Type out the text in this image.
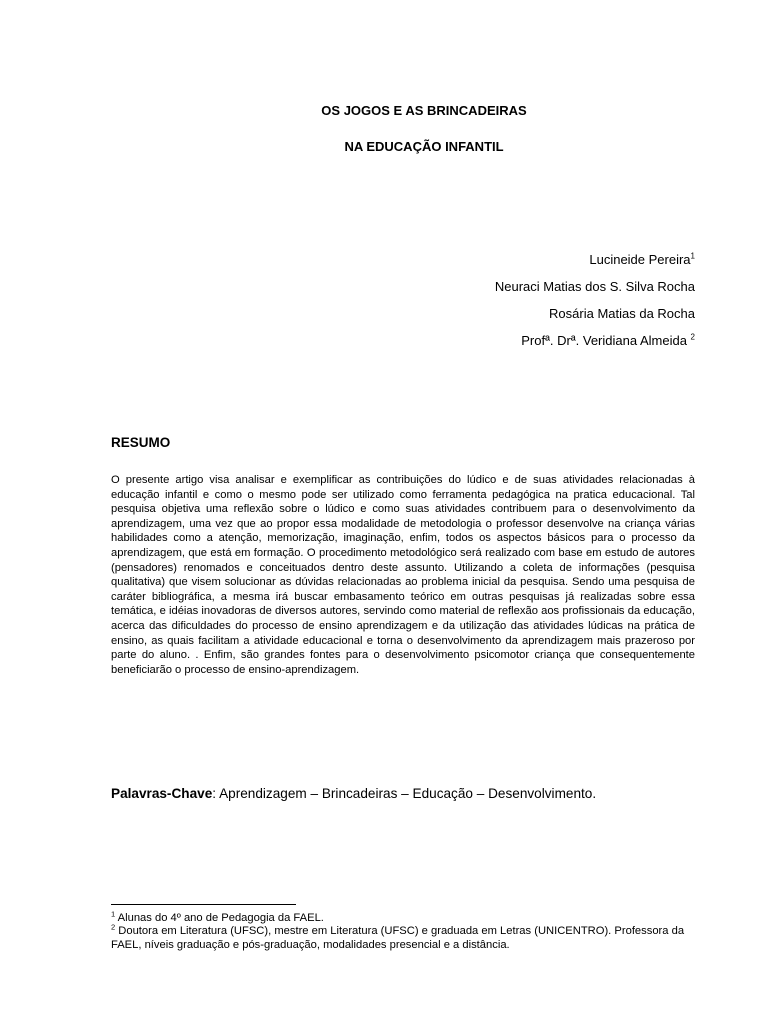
OS JOGOS E AS BRINCADEIRAS
NA EDUCAÇÃO INFANTIL
Lucineide Pereira$^1$
Neuraci Matias dos S. Silva Rocha
Rosária Matias da Rocha
Profª. Drª. Veridiana Almeida $^2$
RESUMO

O presente artigo visa analisar e exemplificar as contribuições do lúdico e de suas atividades relacionadas à educação infantil e como o mesmo pode ser utilizado como ferramenta pedagógica na pratica educacional. Tal pesquisa objetiva uma reflexão sobre o lúdico e como suas atividades contribuem para o desenvolvimento da aprendizagem, uma vez que ao propor essa modalidade de metodologia o professor desenvolve na criança várias habilidades como a atenção, memorização, imaginação, enfim, todos os aspectos básicos para o processo da aprendizagem, que está em formação. O procedimento metodológico será realizado com base em estudo de autores (pensadores) renomados e conceituados dentro deste assunto. Utilizando a coleta de informações (pesquisa qualitativa) que visem solucionar as dúvidas relacionadas ao problema inicial da pesquisa. Sendo uma pesquisa de caráter bibliográfica, a mesma irá buscar embasamento teórico em outras pesquisas já realizadas sobre essa temática, e idéias inovadoras de diversos autores, servindo como material de reflexão aos profissionais da educação, acerca das dificuldades do processo de ensino aprendizagem e da utilização das atividades lúdicas na prática de ensino, as quais facilitam a atividade educacional e torna o desenvolvimento da aprendizagem mais prazeroso por parte do aluno. . Enfim, são grandes fontes para o desenvolvimento psicomotor criança que consequentemente beneficiarão o processo de ensino-aprendizagem.

Palavras-Chave: Aprendizagem – Brincadeiras – Educação – Desenvolvimento.
$^1$ Alunas do 4º ano de Pedagogia da FAEL.
$^2$ Doutora em Literatura (UFSC), mestre em Literatura (UFSC) e graduada em Letras (UNICENTRO). Professora da FAEL, níveis graduação e pós-graduação, modalidades presencial e a distância.
